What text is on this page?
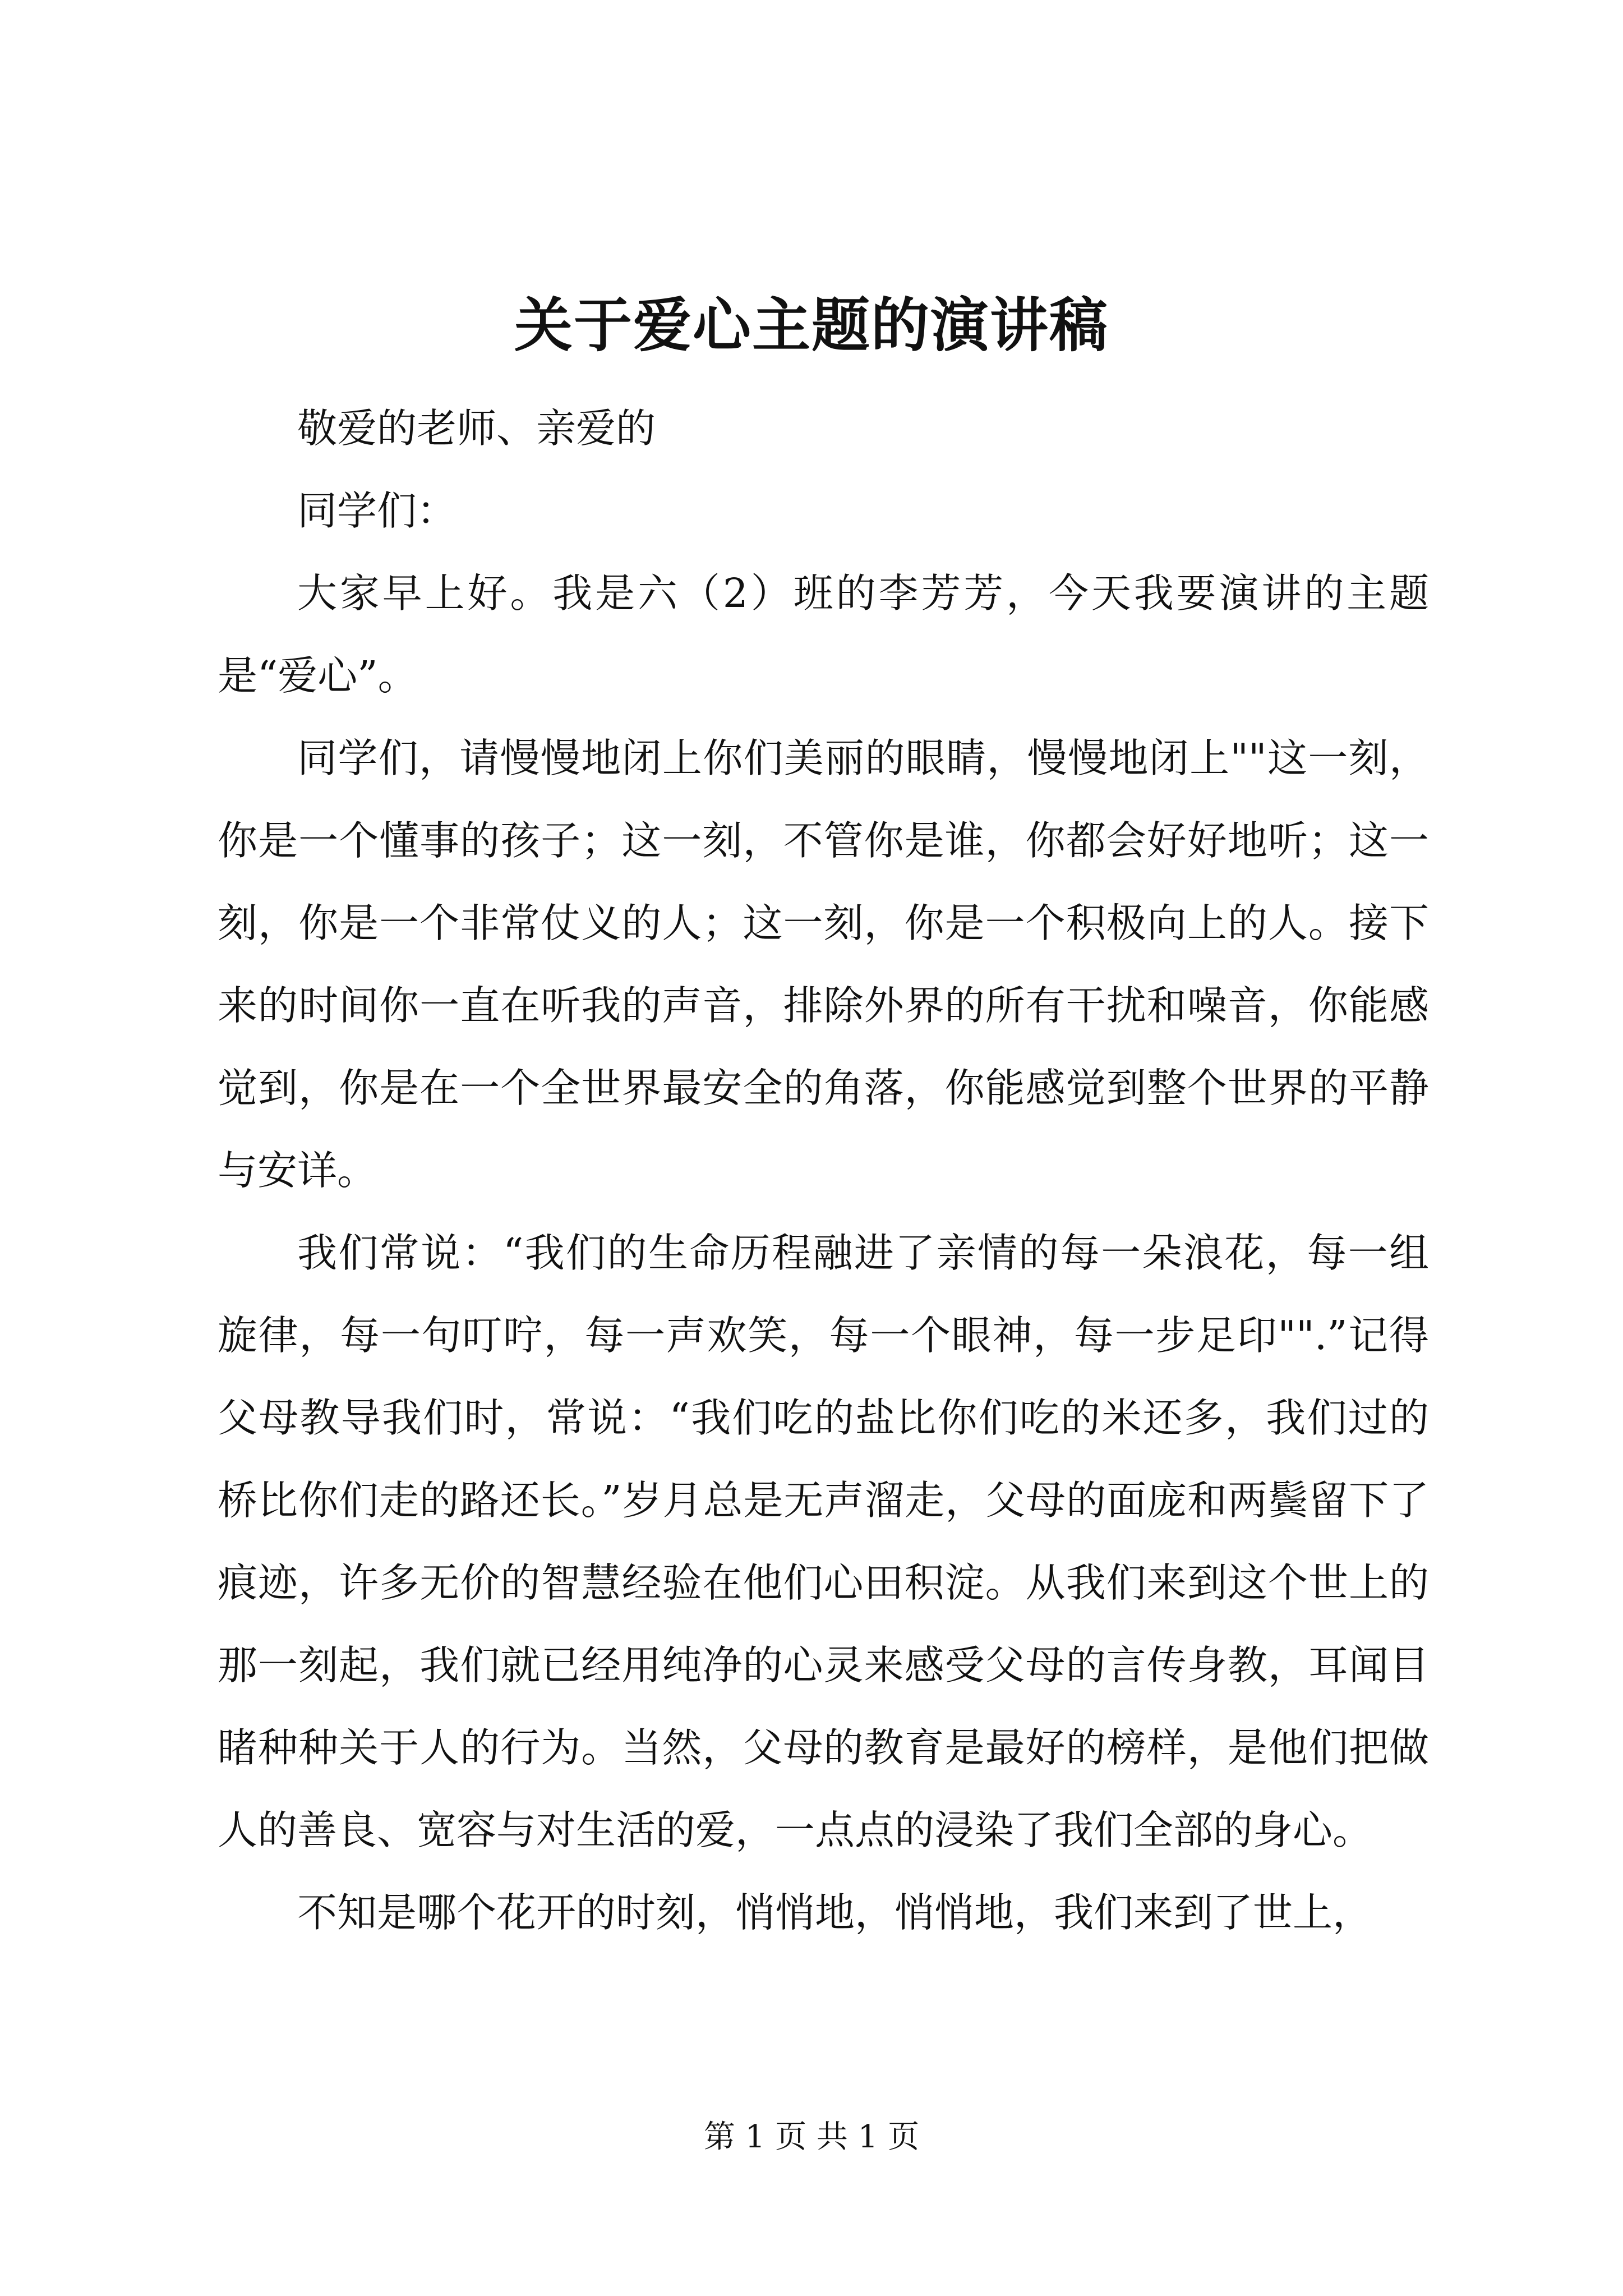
关于爱心主题的演讲稿

敬爱的老师、亲爱的

同学们：

大家早上好。我是六（2）班的李芳芳，今天我要演讲的主题是“爱心”。

同学们，请慢慢地闭上你们美丽的眼睛，慢慢地闭上""这一刻，你是一个懂事的孩子；这一刻，不管你是谁，你都会好好地听；这一刻，你是一个非常仗义的人；这一刻，你是一个积极向上的人。接下来的时间你一直在听我的声音，排除外界的所有干扰和噪音，你能感觉到，你是在一个全世界最安全的角落，你能感觉到整个世界的平静与安详。

我们常说：“我们的生命历程融进了亲情的每一朵浪花，每一组旋律，每一句叮咛，每一声欢笑，每一个眼神，每一步足印"".”记得父母教导我们时，常说：“我们吃的盐比你们吃的米还多，我们过的桥比你们走的路还长。”岁月总是无声溜走，父母的面庞和两鬓留下了痕迹，许多无价的智慧经验在他们心田积淀。从我们来到这个世上的那一刻起，我们就已经用纯净的心灵来感受父母的言传身教，耳闻目睹种种关于人的行为。当然，父母的教育是最好的榜样，是他们把做人的善良、宽容与对生活的爱，一点点的浸染了我们全部的身心。

不知是哪个花开的时刻，悄悄地，悄悄地，我们来到了世上，

第 1 页 共 1 页
